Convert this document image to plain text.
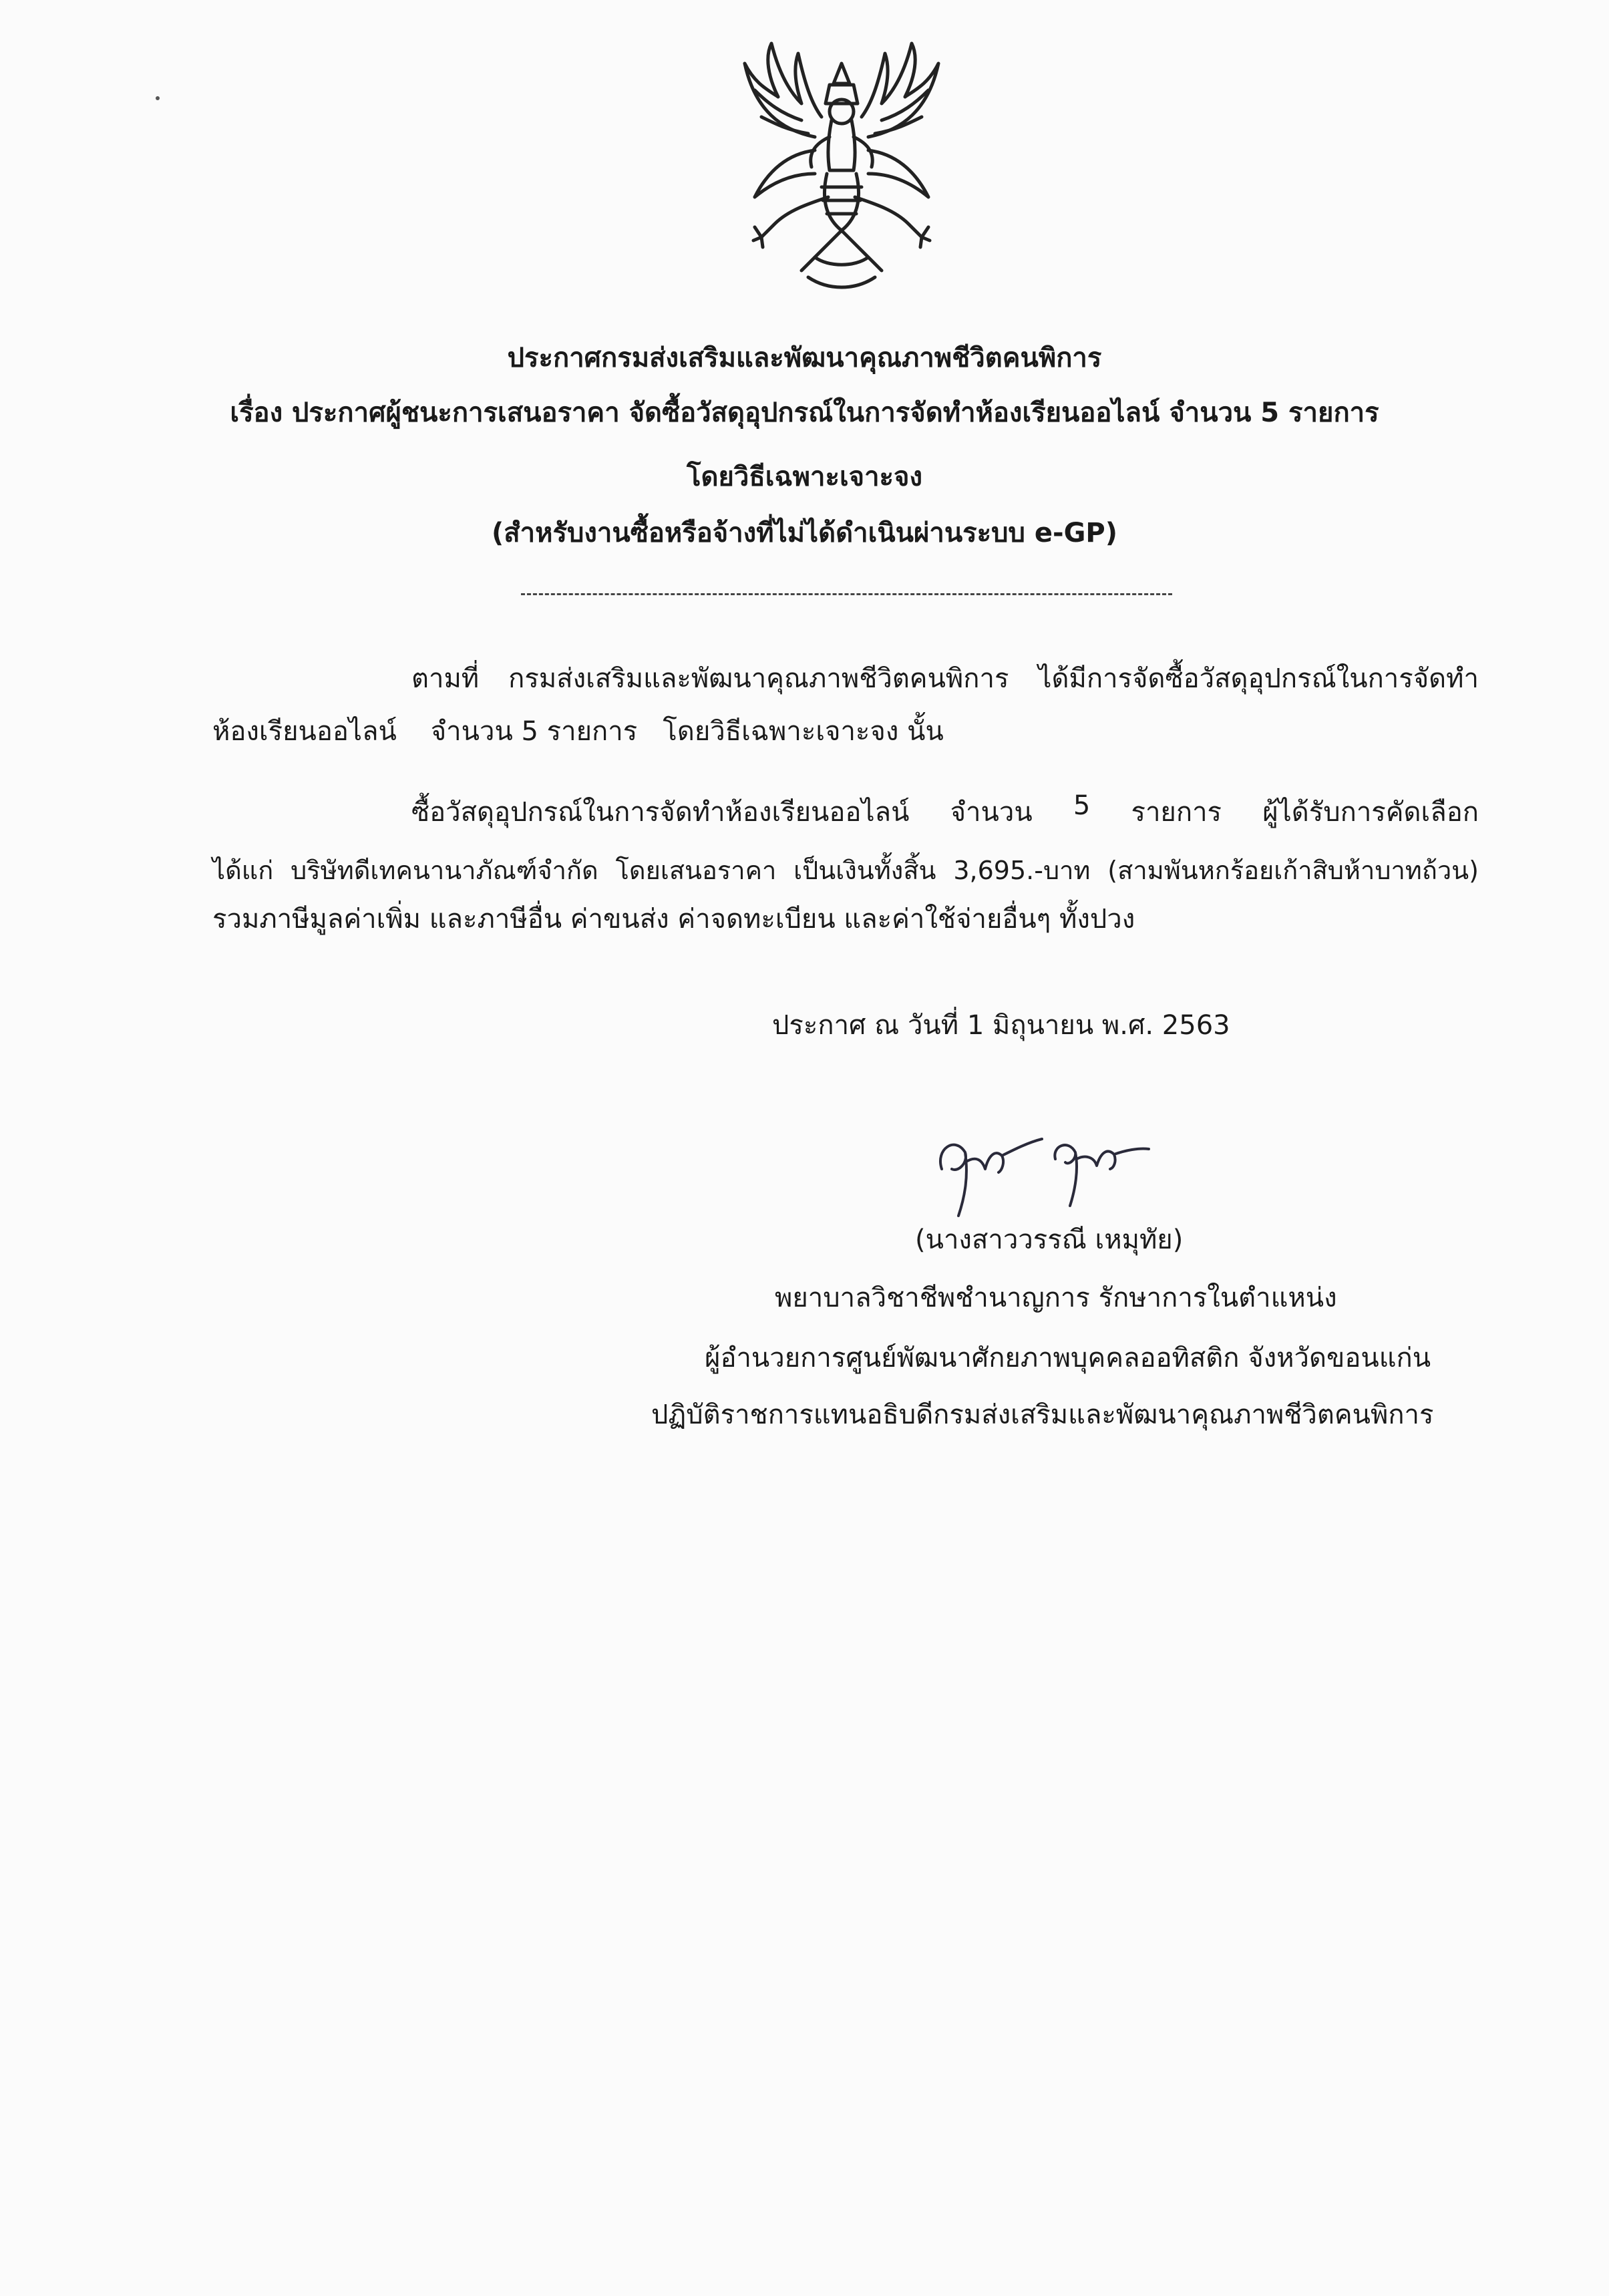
ประกาศกรมส่งเสริมและพัฒนาคุณภาพชีวิตคนพิการ
เรื่อง ประกาศผู้ชนะการเสนอราคา จัดซื้อวัสดุอุปกรณ์ในการจัดทำห้องเรียนออไลน์ จำนวน 5 รายการ
โดยวิธีเฉพาะเจาะจง
(สำหรับงานซื้อหรือจ้างที่ไม่ได้ดำเนินผ่านระบบ e-GP)
ตามที่ กรมส่งเสริมและพัฒนาคุณภาพชีวิตคนพิการ ได้มีการจัดซื้อวัสดุอุปกรณ์ในการจัดทำ
ห้องเรียนออไลน์    จำนวน 5 รายการ   โดยวิธีเฉพาะเจาะจง นั้น
ซื้อวัสดุอุปกรณ์ในการจัดทำห้องเรียนออไลน์ จำนวน 5 รายการ ผู้ได้รับการคัดเลือก
ได้แก่ บริษัทดีเทคนานาภัณฑ์จำกัด โดยเสนอราคา เป็นเงินทั้งสิ้น 3,695.-บาท (สามพันหกร้อยเก้าสิบห้าบาทถ้วน)
รวมภาษีมูลค่าเพิ่ม และภาษีอื่น ค่าขนส่ง ค่าจดทะเบียน และค่าใช้จ่ายอื่นๆ ทั้งปวง
ประกาศ ณ วันที่ 1 มิถุนายน พ.ศ. 2563
(นางสาววรรณี เหมุทัย)
พยาบาลวิชาชีพชำนาญการ รักษาการในตำแหน่ง
ผู้อำนวยการศูนย์พัฒนาศักยภาพบุคคลออทิสติก จังหวัดขอนแก่น
ปฏิบัติราชการแทนอธิบดีกรมส่งเสริมและพัฒนาคุณภาพชีวิตคนพิการ
